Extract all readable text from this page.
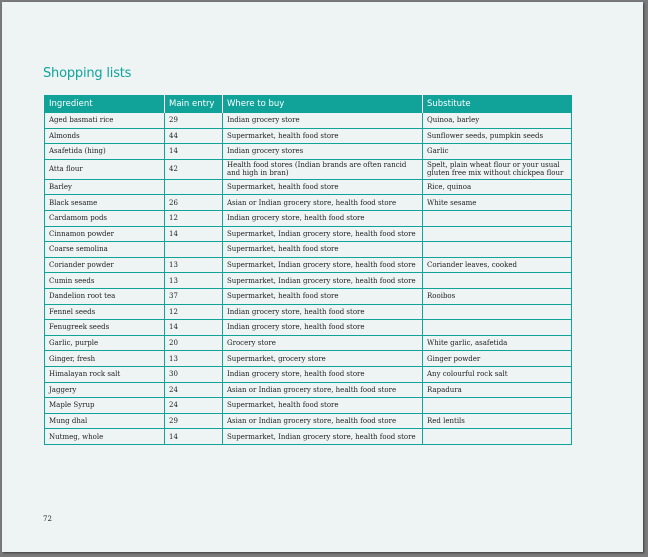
Shopping lists
Ingredient	Main entry	Where to buy	Substitute
Aged basmati rice	29	Indian grocery store	Quinoa, barley
Almonds	44	Supermarket, health food store	Sunflower seeds, pumpkin seeds
Asafetida (hing)	14	Indian grocery stores	Garlic
Atta flour	42	Health food stores (Indian brands are often rancid and high in bran)	Spelt, plain wheat flour or your usual gluten free mix without chickpea flour
Barley		Supermarket, health food store	Rice, quinoa
Black sesame	26	Asian or Indian grocery store, health food store	White sesame
Cardamom pods	12	Indian grocery store, health food store	
Cinnamon powder	14	Supermarket, Indian grocery store, health food store	
Coarse semolina		Supermarket, health food store	
Coriander powder	13	Supermarket, Indian grocery store, health food store	Coriander leaves, cooked
Cumin seeds	13	Supermarket, Indian grocery store, health food store	
Dandelion root tea	37	Supermarket, health food store	Rooibos
Fennel seeds	12	Indian grocery store, health food store	
Fenugreek seeds	14	Indian grocery store, health food store	
Garlic, purple	20	Grocery store	White garlic, asafetida
Ginger, fresh	13	Supermarket, grocery store	Ginger powder
Himalayan rock salt	30	Indian grocery store, health food store	Any colourful rock salt
Jaggery	24	Asian or Indian grocery store, health food store	Rapadura
Maple Syrup	24	Supermarket, health food store	
Mung dhal	29	Asian or Indian grocery store, health food store	Red lentils
Nutmeg, whole	14	Supermarket, Indian grocery store, health food store	
72
